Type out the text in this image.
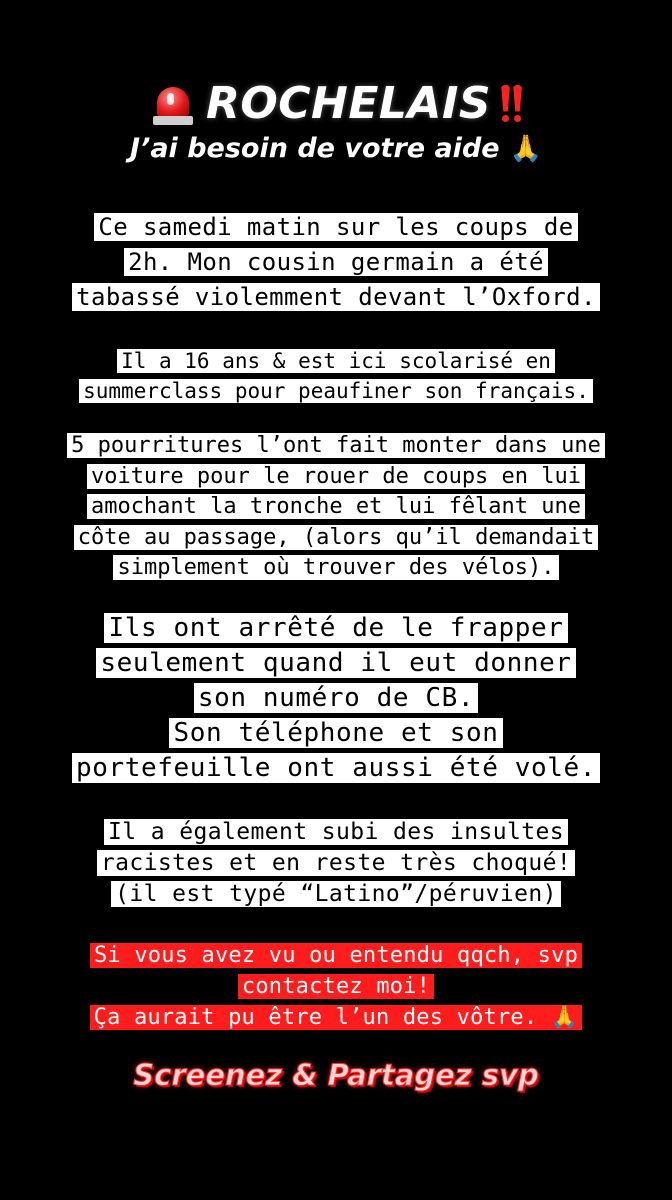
ROCHELAIS
J’ai besoin de votre aide 🙏
Ce samedi matin sur les coups de
2h. Mon cousin germain a été
tabassé violemment devant l’Oxford.
Il a 16 ans & est ici scolarisé en
summerclass pour peaufiner son français.
5 pourritures l’ont fait monter dans une
voiture pour le rouer de coups en lui
amochant la tronche et lui fêlant une
côte au passage, (alors qu’il demandait
simplement où trouver des vélos).
Ils ont arrêté de le frapper
seulement quand il eut donner
son numéro de CB.
Son téléphone et son
portefeuille ont aussi été volé.
Il a également subi des insultes
racistes et en reste très choqué!
(il est typé “Latino”/péruvien)
Si vous avez vu ou entendu qqch, svp
contactez moi!
Ça aurait pu être l’un des vôtre. 🙏
Screenez & Partagez svp
